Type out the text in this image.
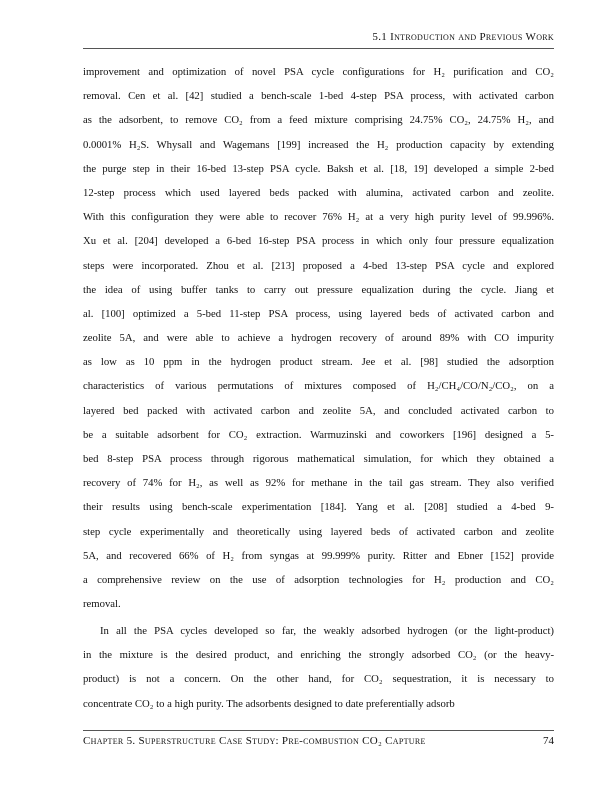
5.1 Introduction and Previous Work
improvement and optimization of novel PSA cycle configurations for H₂ purification and CO₂
removal. Cen et al. [42] studied a bench-scale 1-bed 4-step PSA process, with activated carbon
as the adsorbent, to remove CO₂ from a feed mixture comprising 24.75% CO₂, 24.75% H₂, and
0.0001% H₂S. Whysall and Wagemans [199] increased the H₂ production capacity by extending
the purge step in their 16-bed 13-step PSA cycle. Baksh et al. [18, 19] developed a simple 2-bed
12-step process which used layered beds packed with alumina, activated carbon and zeolite.
With this configuration they were able to recover 76% H₂ at a very high purity level of 99.996%.
Xu et al. [204] developed a 6-bed 16-step PSA process in which only four pressure equalization
steps were incorporated. Zhou et al. [213] proposed a 4-bed 13-step PSA cycle and explored
the idea of using buffer tanks to carry out pressure equalization during the cycle. Jiang et
al. [100] optimized a 5-bed 11-step PSA process, using layered beds of activated carbon and
zeolite 5A, and were able to achieve a hydrogen recovery of around 89% with CO impurity
as low as 10 ppm in the hydrogen product stream. Jee et al. [98] studied the adsorption
characteristics of various permutations of mixtures composed of H₂/CH₄/CO/N₂/CO₂, on a
layered bed packed with activated carbon and zeolite 5A, and concluded activated carbon to
be a suitable adsorbent for CO₂ extraction. Warmuzinski and coworkers [196] designed a 5-
bed 8-step PSA process through rigorous mathematical simulation, for which they obtained a
recovery of 74% for H₂, as well as 92% for methane in the tail gas stream. They also verified
their results using bench-scale experimentation [184]. Yang et al. [208] studied a 4-bed 9-
step cycle experimentally and theoretically using layered beds of activated carbon and zeolite
5A, and recovered 66% of H₂ from syngas at 99.999% purity. Ritter and Ebner [152] provide
a comprehensive review on the use of adsorption technologies for H₂ production and CO₂
removal.
In all the PSA cycles developed so far, the weakly adsorbed hydrogen (or the light-product)
in the mixture is the desired product, and enriching the strongly adsorbed CO₂ (or the heavy-
product) is not a concern. On the other hand, for CO₂ sequestration, it is necessary to
concentrate CO₂ to a high purity. The adsorbents designed to date preferentially adsorb
Chapter 5. Superstructure Case Study: Pre-combustion CO₂ Capture	74
